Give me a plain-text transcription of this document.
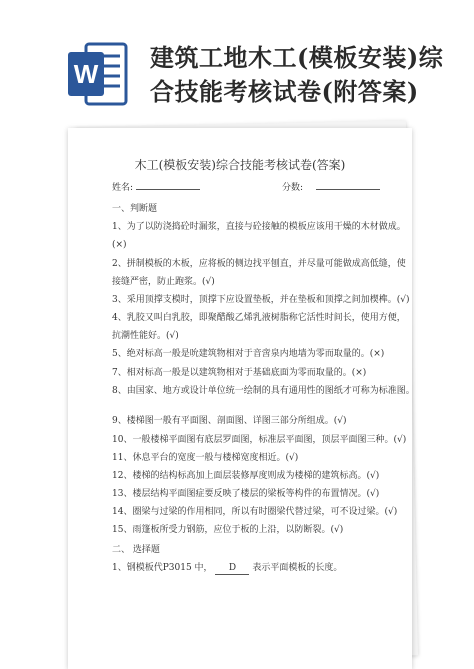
W
建筑工地木工(模板安装)综
合技能考核试卷(附答案)
木工(模板安装)综合技能考核试卷(答案)
姓名:	分数:
一、判断题
1、为了以防浇捣砼时漏浆，直接与砼接触的模板应该用干燥的木材做成。
(×)
2、拼制模板的木板，应将板的侧边找平刨直，并尽量可能做成高低缝，使
接缝严密，防止跑浆。(√)
3、采用顶撑支模时，顶撑下应设置垫板，并在垫板和顶撑之间加楔榫。(√)
4、乳胶又叫白乳胶，即聚醋酸乙烯乳液树脂称它活性时间长，使用方便，
抗潮性能好。(√)
5、绝对标高一般是吮建筑物相对于音啻泉内地墙为零而取量的。(×)
7、相对标高一般是以建筑物相对于基础底面为零而取量的。(×)
8、由国家、地方或设计单位统一绘制的具有通用性的图纸才可称为标准图。
9、楼梯图一般有平面图、剖面图、详图三部分所组成。(√)
10、一般楼梯平面图有底层罗面图，标准层平面图，顶层平面图三种。(√)
11、休息平台的宽度一般与楼梯宽度相近。(√)
12、楼梯的结构标高加上面层装修厚度则成为楼梯的建筑标高。(√)
13、楼层结构平面图症要反映了楼层的梁板等构件的布置情况。(√)
14、圈梁与过梁的作用相同，所以有时圈梁代替过梁，可不设过梁。(√)
15、雨篷板所受力钢筋，应位于板的上沿，以防断裂。(√)
二、 选择题
1、钢模板代P3015 中， D 表示平面模板的长度。
